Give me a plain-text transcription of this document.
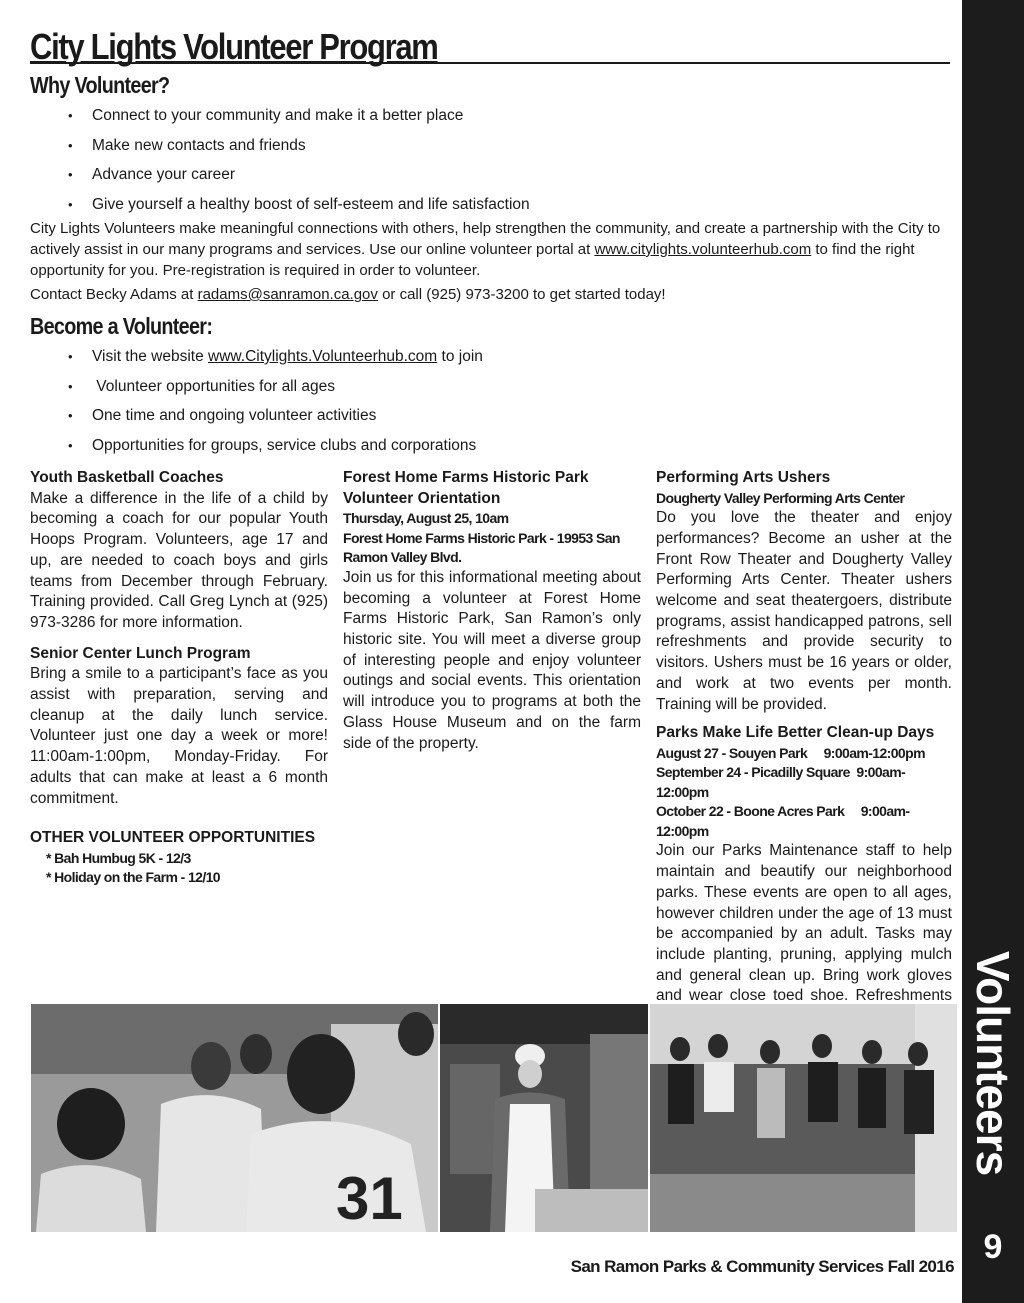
City Lights Volunteer Program
Why Volunteer?
• Connect to your community and make it a better place
• Make new contacts and friends
• Advance your career
• Give yourself a healthy boost of self-esteem and life satisfaction
City Lights Volunteers make meaningful connections with others, help strengthen the community, and create a partnership with the City to actively assist in our many programs and services. Use our online volunteer portal at www.citylights.volunteerhub.com to find the right opportunity for you. Pre-registration is required in order to volunteer.
Contact Becky Adams at radams@sanramon.ca.gov or call (925) 973-3200 to get started today!
Become a Volunteer:
• Visit the website www.Citylights.Volunteerhub.com to join
•  Volunteer opportunities for all ages
• One time and ongoing volunteer activities
• Opportunities for groups, service clubs and corporations
Youth Basketball Coaches

Make a difference in the life of a child by becoming a coach for our popular Youth Hoops Program. Volunteers, age 17 and up, are needed to coach boys and girls teams from December through February. Training provided. Call Greg Lynch at (925) 973-3286 for more information.

Senior Center Lunch Program

Bring a smile to a participant’s face as you assist with preparation, serving and cleanup at the daily lunch service. Volunteer just one day a week or more! 11:00am-1:00pm, Monday-Friday. For adults that can make at least a 6 month commitment.

OTHER VOLUNTEER OPPORTUNITIES
* Bah Humbug 5K - 12/3
* Holiday on the Farm - 12/10
Forest Home Farms Historic Park Volunteer Orientation
Thursday, August 25, 10am
Forest Home Farms Historic Park - 19953 San Ramon Valley Blvd.

Join us for this informational meeting about becoming a volunteer at Forest Home Farms Historic Park, San Ramon’s only historic site. You will meet a diverse group of interesting people and enjoy volunteer outings and social events. This orientation will introduce you to programs at both the Glass House Museum and on the farm side of the property.

Performing Arts Ushers
Dougherty Valley Performing Arts Center

Do you love the theater and enjoy performances? Become an usher at the Front Row Theater and Dougherty Valley Performing Arts Center. Theater ushers welcome and seat theatergoers, distribute programs, assist handicapped patrons, sell refreshments and provide security to visitors. Ushers must be 16 years or older, and work at two events per month. Training will be provided.

Parks Make Life Better Clean-up Days
August 27 - Souyen Park 9:00am-12:00pm
September 24 - Picadilly Square 9:00am-12:00pm
October 22 - Boone Acres Park 9:00am-12:00pm

Join our Parks Maintenance staff to help maintain and beautify our neighborhood parks. These events are open to all ages, however children under the age of 13 must be accompanied by an adult. Tasks may include planting, pruning, applying mulch and general clean up. Bring work gloves and wear close toed shoe. Refreshments

31
Volunteers
9
San Ramon Parks & Community Services Fall 2016
